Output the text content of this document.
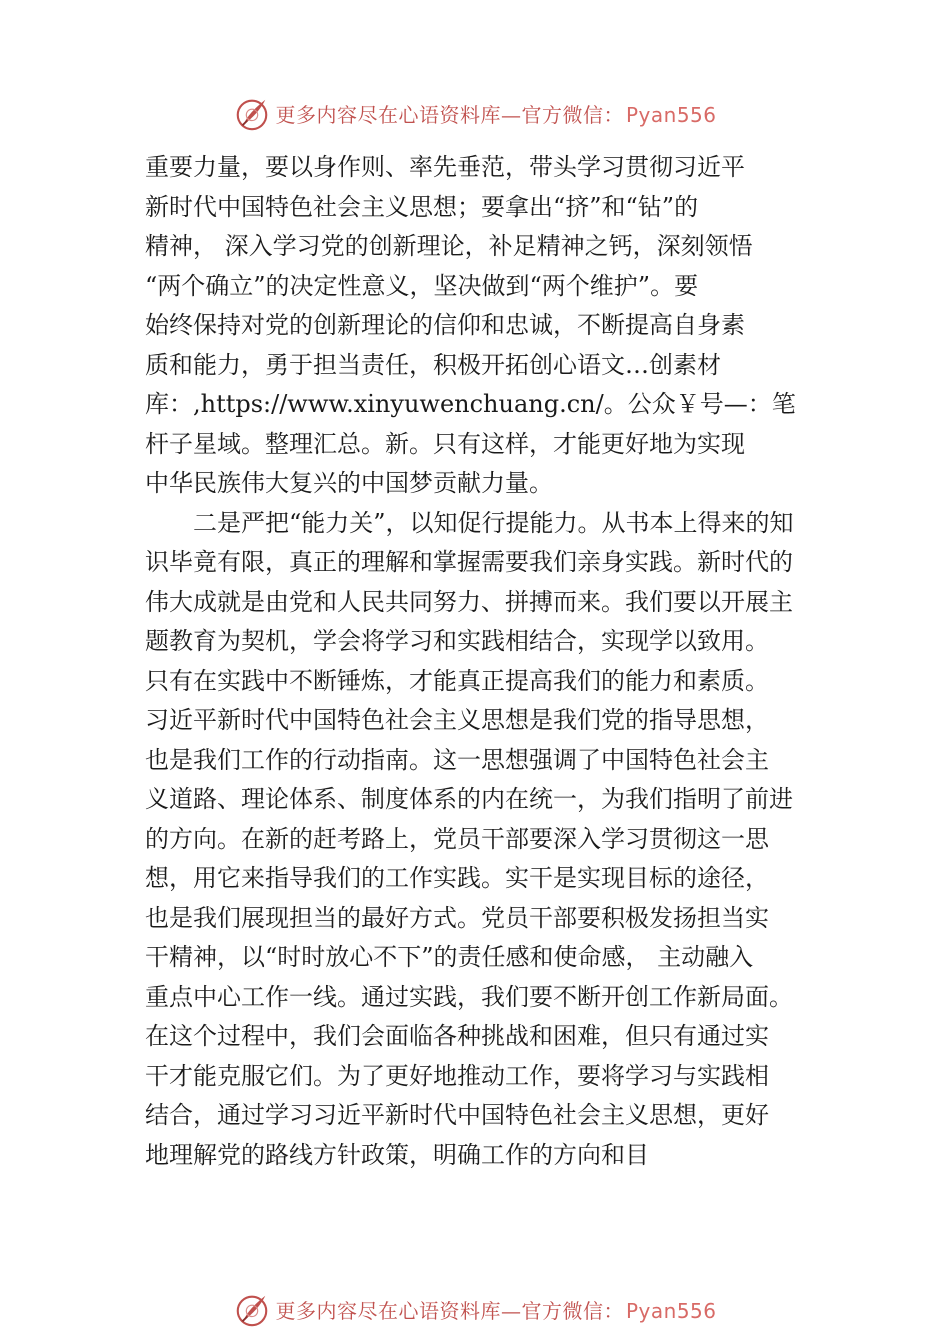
更多内容尽在心语资料库—官方微信： Pyan556
重要力量，要以身作则、率先垂范，带头学习贯彻习近平
新时代中国特色社会主义思想；要拿出“挤”和“钻”的
精神， 深入学习党的创新理论，补足精神之钙，深刻领悟
“两个确立”的决定性意义，坚决做到“两个维护”。要
始终保持对党的创新理论的信仰和忠诚，不断提高自身素
质和能力，勇于担当责任，积极开拓创心语文…创素材
库：,https://www.xinyuwenchuang.cn/。公众￥号—：笔
杆子星域。整理汇总。新。只有这样，才能更好地为实现
中华民族伟大复兴的中国梦贡献力量。
二是严把“能力关”，以知促行提能力。从书本上得来的知
识毕竟有限，真正的理解和掌握需要我们亲身实践。新时代的
伟大成就是由党和人民共同努力、拼搏而来。我们要以开展主
题教育为契机，学会将学习和实践相结合，实现学以致用。
只有在实践中不断锤炼，才能真正提高我们的能力和素质。
习近平新时代中国特色社会主义思想是我们党的指导思想，
也是我们工作的行动指南。这一思想强调了中国特色社会主
义道路、理论体系、制度体系的内在统一，为我们指明了前进
的方向。在新的赶考路上，党员干部要深入学习贯彻这一思
想，用它来指导我们的工作实践。实干是实现目标的途径，
也是我们展现担当的最好方式。党员干部要积极发扬担当实
干精神，以“时时放心不下”的责任感和使命感， 主动融入
重点中心工作一线。通过实践，我们要不断开创工作新局面。
在这个过程中，我们会面临各种挑战和困难，但只有通过实
干才能克服它们。为了更好地推动工作，要将学习与实践相
结合，通过学习习近平新时代中国特色社会主义思想，更好
地理解党的路线方针政策，明确工作的方向和目
更多内容尽在心语资料库—官方微信： Pyan556
